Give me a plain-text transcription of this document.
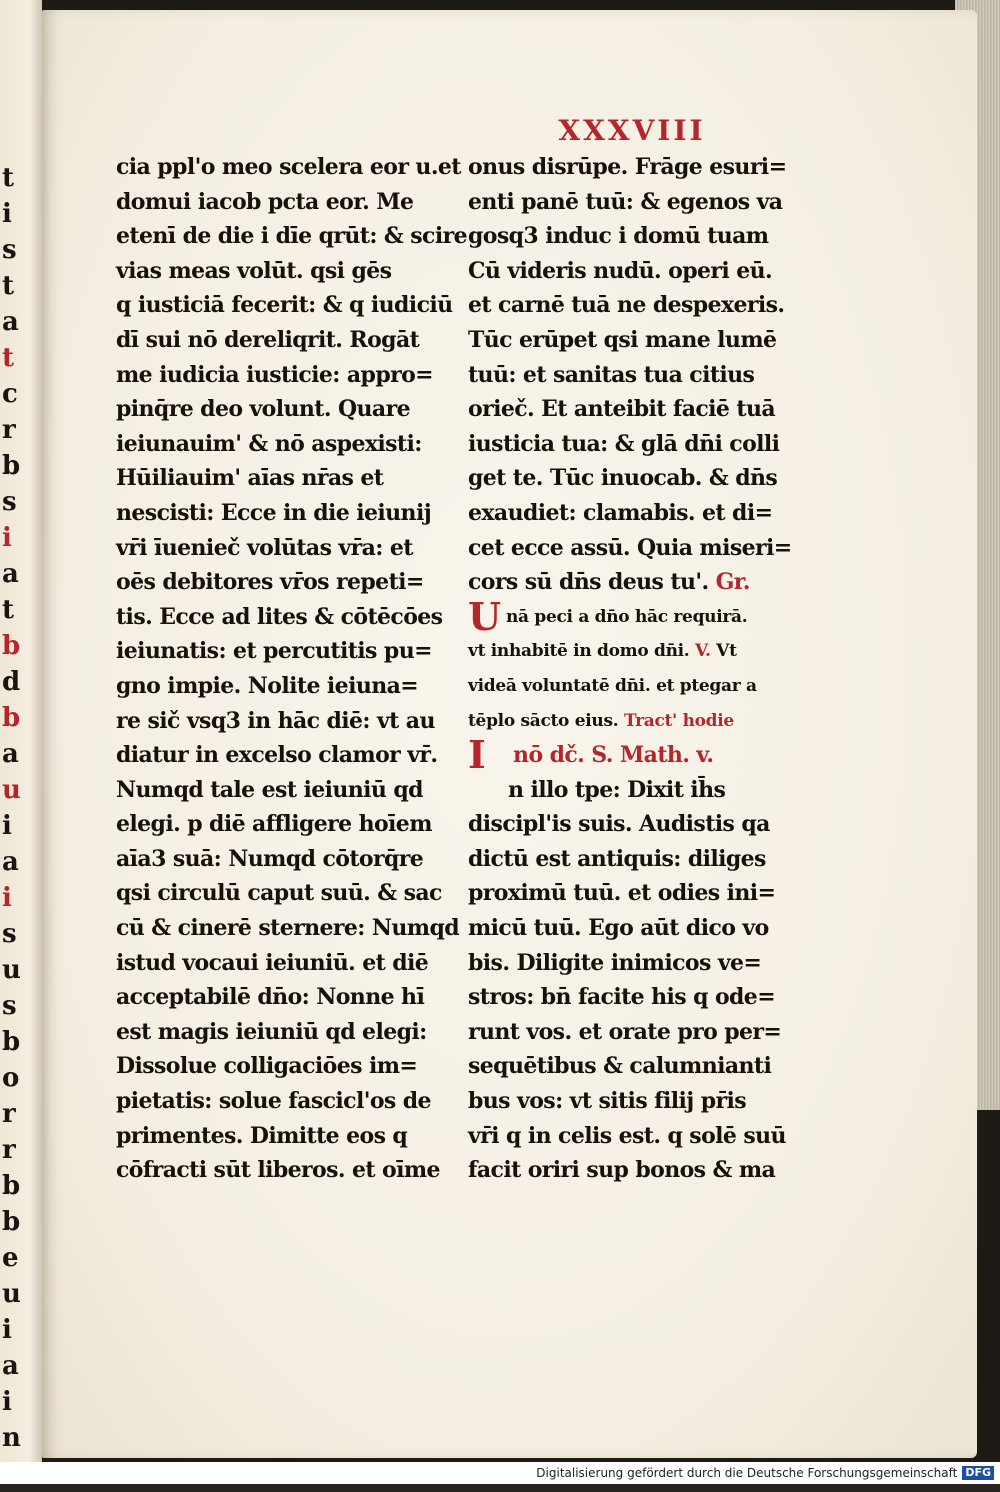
t
i
s
t
a
t
c
r
b
s
i
a
t
b
d
b
a
u
i
a
i
s
u
s
b
o
r
r
b
b
e
u
i
a
i
n
XXXVIII
cia ppl'o meo scelera eor u.et
domui iacob pcta eor. Me
etenī de die i dīe qrūt: & scire
vias meas volūt. qsi gēs
q iusticiā fecerit: & q iudiciū
dī sui nō dereliqrit. Rogāt
me iudicia iusticie: appro=
pinq̄re deo volunt. Quare
ieiunauim' & nō aspexisti:
Hūiliauim' aīas nr̄as et
nescisti: Ecce in die ieiunij
vr̄i īuenieč volūtas vr̄a: et
oēs debitores vr̄os repeti=
tis. Ecce ad lites & cōtēcōes
ieiunatis: et percutitis pu=
gno impie. Nolite ieiuna=
re sič vsq3 in hāc diē: vt au
diatur in excelso clamor vr̄.
Numqd tale est ieiuniū qd
elegi. p diē affligere hoīem
aīa3 suā: Numqd cōtorq̄re
qsi circulū caput suū. & sac
cū & cinerē sternere: Numqd
istud vocaui ieiuniū. et diē
acceptabilē dn̄o: Nonne hī
est magis ieiuniū qd elegi:
Dissolue colligaciōes im=
pietatis: solue fascicl'os de
primentes. Dimitte eos q
cōfracti sūt liberos. et oīme
onus disrūpe. Frāge esuri=
enti panē tuū: & egenos va
gosq3 induc i domū tuam
Cū videris nudū. operi eū.
et carnē tuā ne despexeris.
Tūc erūpet qsi mane lumē
tuū: et sanitas tua citius
orieč. Et anteibit faciē tuā
iusticia tua: & glā dn̄i colli
get te. Tūc inuocab. & dn̄s
exaudiet: clamabis. et di=
cet ecce assū. Quia miseri=
cors sū dn̄s deus tu'. Gr.
Unā peci a dn̄o hāc requirā.
vt inhabitē in domo dn̄i. V. Vt
videā voluntatē dn̄i. et ptegar a
tēplo sācto eius. Tract' hodie
I nō dč. S. Math. v.
n illo tpe: Dixit ih̄s
discipl'is suis. Audistis qa
dictū est antiquis: diliges
proximū tuū. et odies ini=
micū tuū. Ego aūt dico vo
bis. Diligite inimicos ve=
stros: bn̄ facite his q ode=
runt vos. et orate pro per=
sequētibus & calumnianti
bus vos: vt sitis filij pr̄is
vr̄i q in celis est. q solē suū
facit oriri sup bonos & ma
Digitalisierung gefördert durch die Deutsche Forschungsgemeinschaft DFG
